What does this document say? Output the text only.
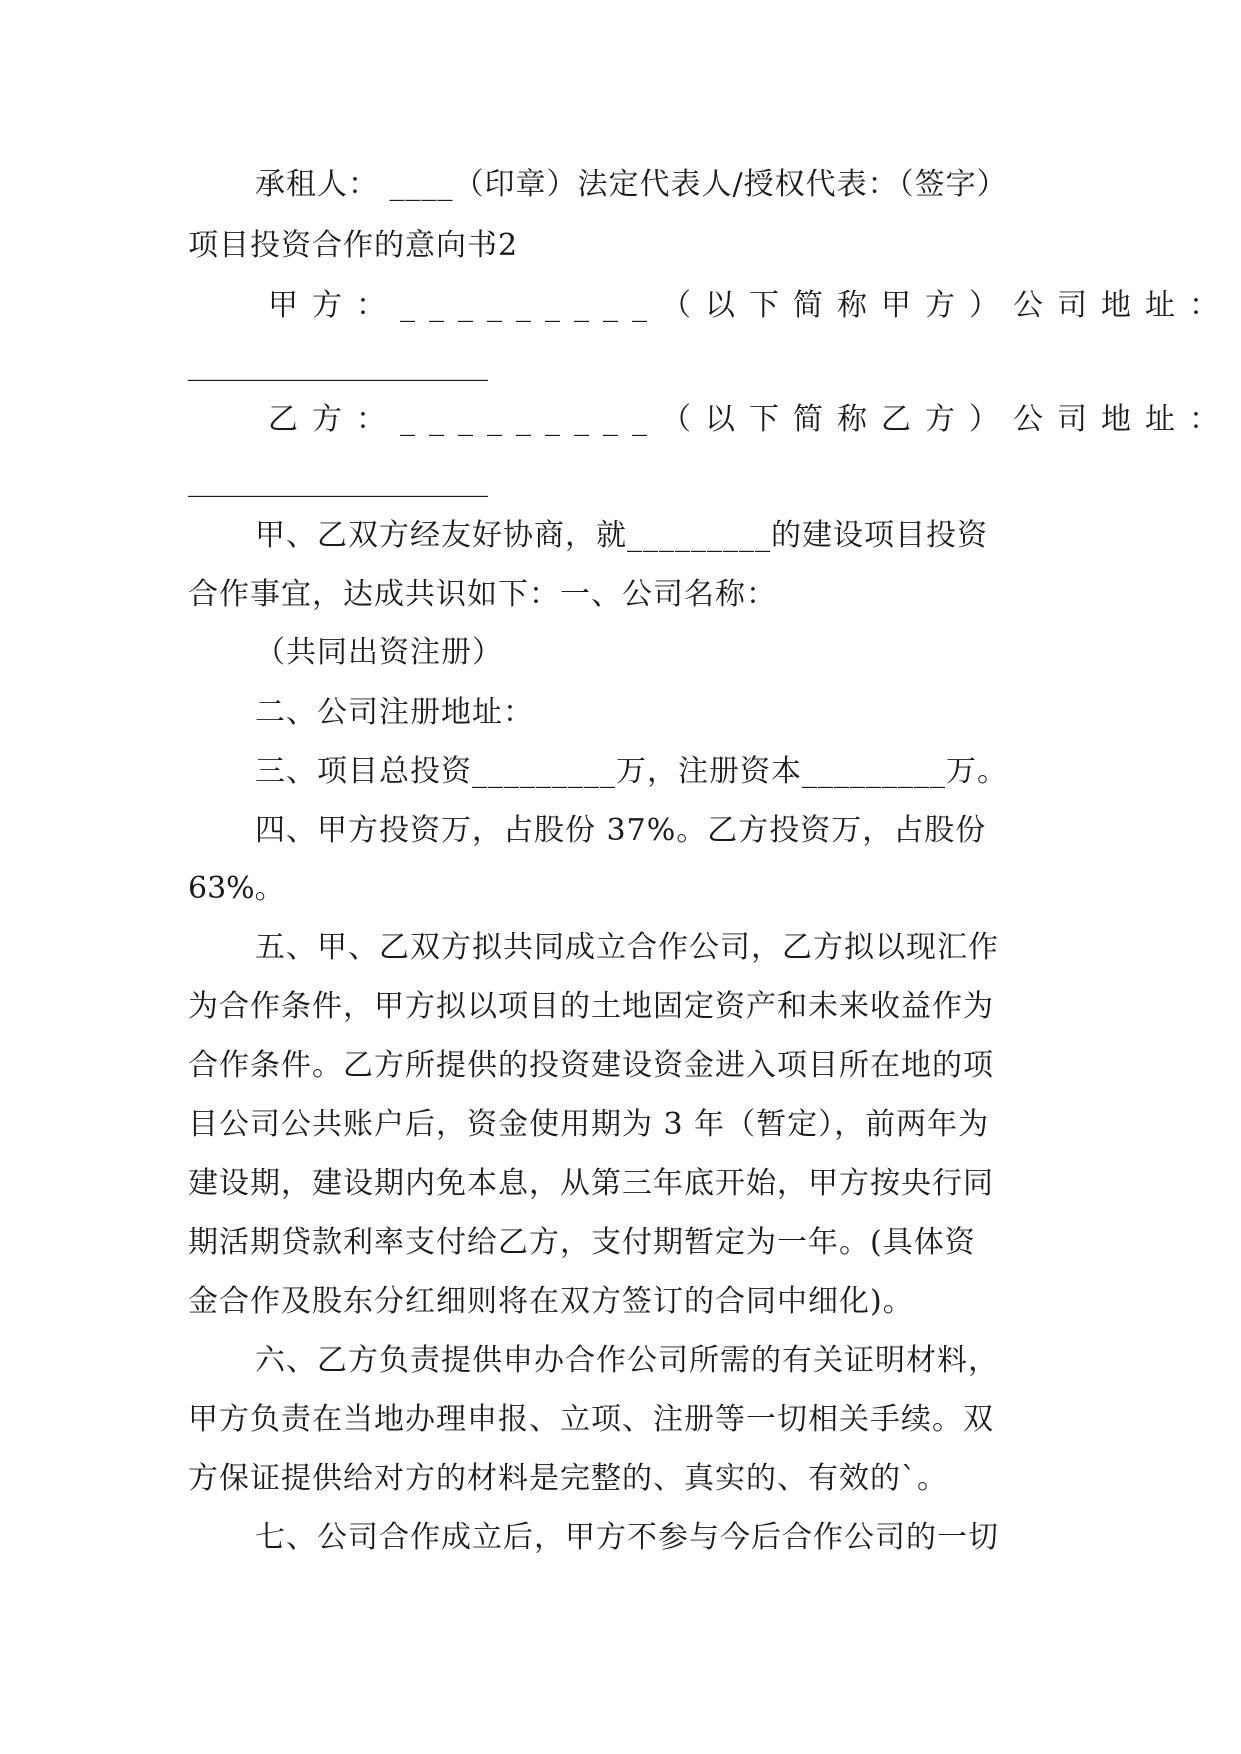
承租人： ____（印章）法定代表人/授权代表：（签字）
项目投资合作的意向书2
甲方：_________（以下简称甲方）公司地址：
____________________
乙方：_________（以下简称乙方）公司地址：
____________________
甲、乙双方经友好协商，就_________的建设项目投资
合作事宜，达成共识如下：一、公司名称：
（共同出资注册）
二、公司注册地址：
三、项目总投资_________万，注册资本_________万。
四、甲方投资万，占股份 37%。乙方投资万，占股份
63%。
五、甲、乙双方拟共同成立合作公司，乙方拟以现汇作
为合作条件，甲方拟以项目的土地固定资产和未来收益作为
合作条件。乙方所提供的投资建设资金进入项目所在地的项
目公司公共账户后，资金使用期为 3 年（暂定），前两年为
建设期，建设期内免本息，从第三年底开始，甲方按央行同
期活期贷款利率支付给乙方，支付期暂定为一年。(具体资
金合作及股东分红细则将在双方签订的合同中细化)。
六、乙方负责提供申办合作公司所需的有关证明材料，
甲方负责在当地办理申报、立项、注册等一切相关手续。双
方保证提供给对方的材料是完整的、真实的、有效的`。
七、公司合作成立后，甲方不参与今后合作公司的一切
